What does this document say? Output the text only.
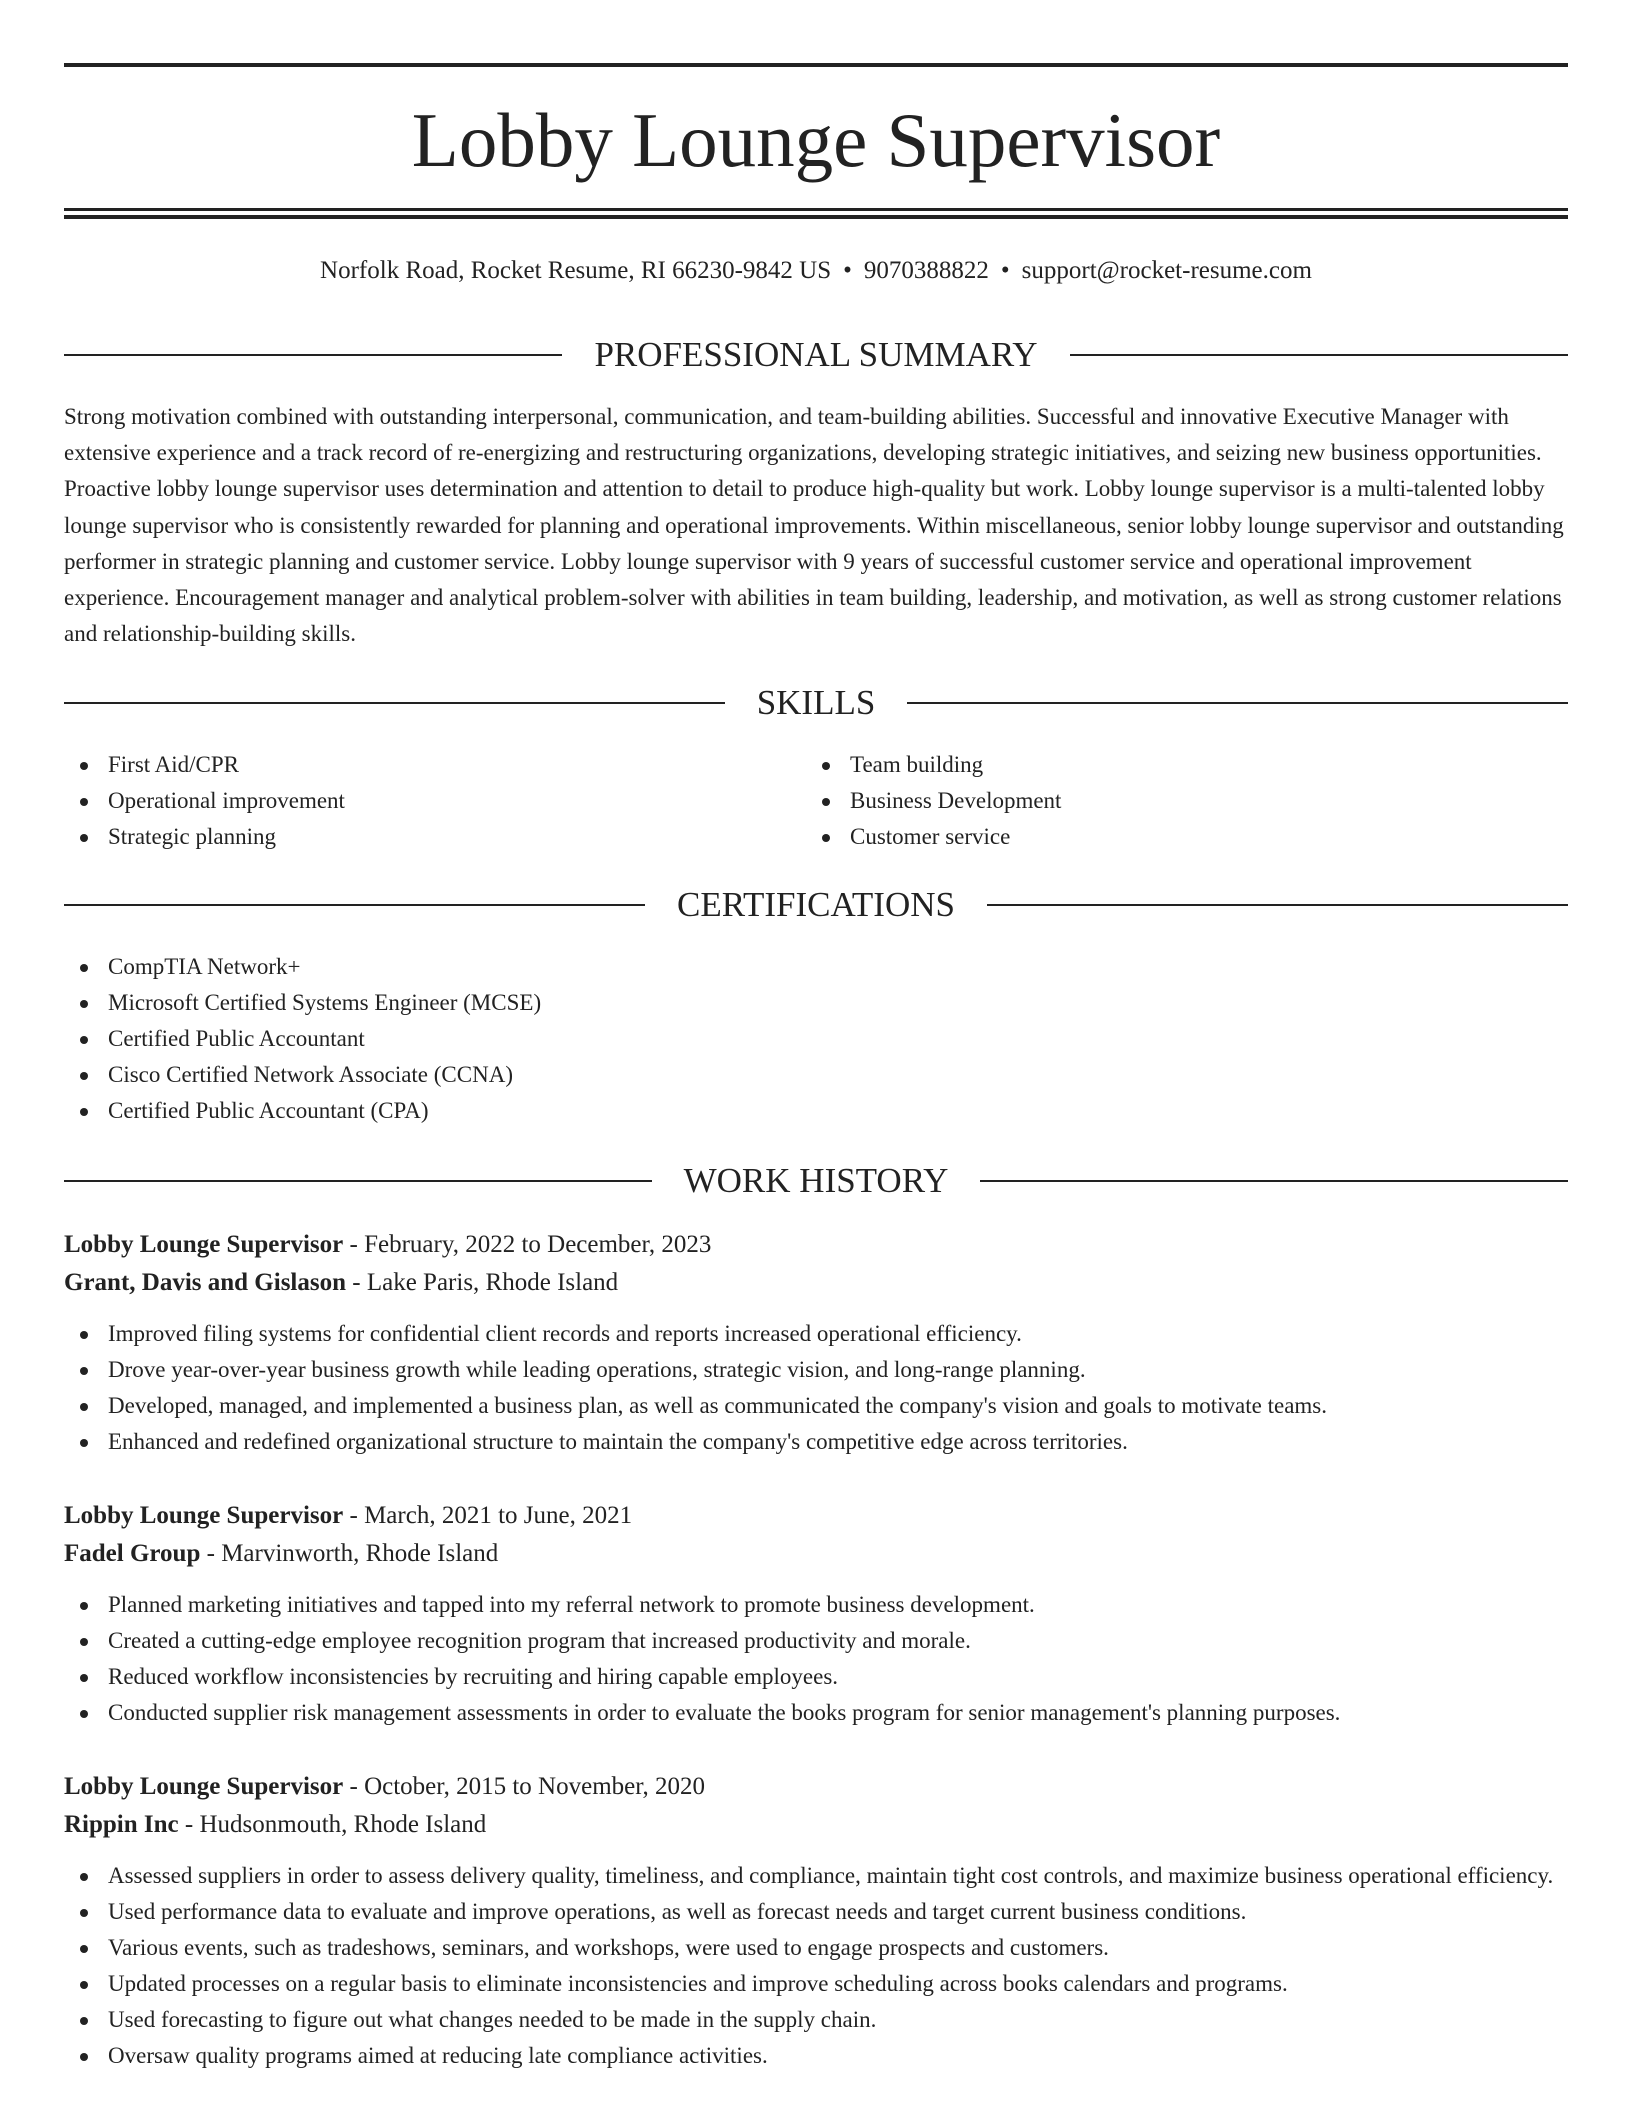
Lobby Lounge Supervisor
Norfolk Road, Rocket Resume, RI 66230-9842 US • 9070388822 • support@rocket-resume.com
PROFESSIONAL SUMMARY

Strong motivation combined with outstanding interpersonal, communication, and team-building abilities. Successful and innovative Executive Manager with extensive experience and a track record of re-energizing and restructuring organizations, developing strategic initiatives, and seizing new business opportunities. Proactive lobby lounge supervisor uses determination and attention to detail to produce high-quality but work. Lobby lounge supervisor is a multi-talented lobby lounge supervisor who is consistently rewarded for planning and operational improvements. Within miscellaneous, senior lobby lounge supervisor and outstanding performer in strategic planning and customer service. Lobby lounge supervisor with 9 years of successful customer service and operational improvement experience. Encouragement manager and analytical problem-solver with abilities in team building, leadership, and motivation, as well as strong customer relations and relationship-building skills.

SKILLS
First Aid/CPR
Operational improvement
Strategic planning
Team building
Business Development
Customer service
CERTIFICATIONS
CompTIA Network+
Microsoft Certified Systems Engineer (MCSE)
Certified Public Accountant
Cisco Certified Network Associate (CCNA)
Certified Public Accountant (CPA)
WORK HISTORY
Lobby Lounge Supervisor - February, 2022 to December, 2023
Grant, Davis and Gislason - Lake Paris, Rhode Island
Improved filing systems for confidential client records and reports increased operational efficiency.
Drove year-over-year business growth while leading operations, strategic vision, and long-range planning.
Developed, managed, and implemented a business plan, as well as communicated the company's vision and goals to motivate teams.
Enhanced and redefined organizational structure to maintain the company's competitive edge across territories.
Lobby Lounge Supervisor - March, 2021 to June, 2021
Fadel Group - Marvinworth, Rhode Island
Planned marketing initiatives and tapped into my referral network to promote business development.
Created a cutting-edge employee recognition program that increased productivity and morale.
Reduced workflow inconsistencies by recruiting and hiring capable employees.
Conducted supplier risk management assessments in order to evaluate the books program for senior management's planning purposes.
Lobby Lounge Supervisor - October, 2015 to November, 2020
Rippin Inc - Hudsonmouth, Rhode Island
Assessed suppliers in order to assess delivery quality, timeliness, and compliance, maintain tight cost controls, and maximize business operational efficiency.
Used performance data to evaluate and improve operations, as well as forecast needs and target current business conditions.
Various events, such as tradeshows, seminars, and workshops, were used to engage prospects and customers.
Updated processes on a regular basis to eliminate inconsistencies and improve scheduling across books calendars and programs.
Used forecasting to figure out what changes needed to be made in the supply chain.
Oversaw quality programs aimed at reducing late compliance activities.
